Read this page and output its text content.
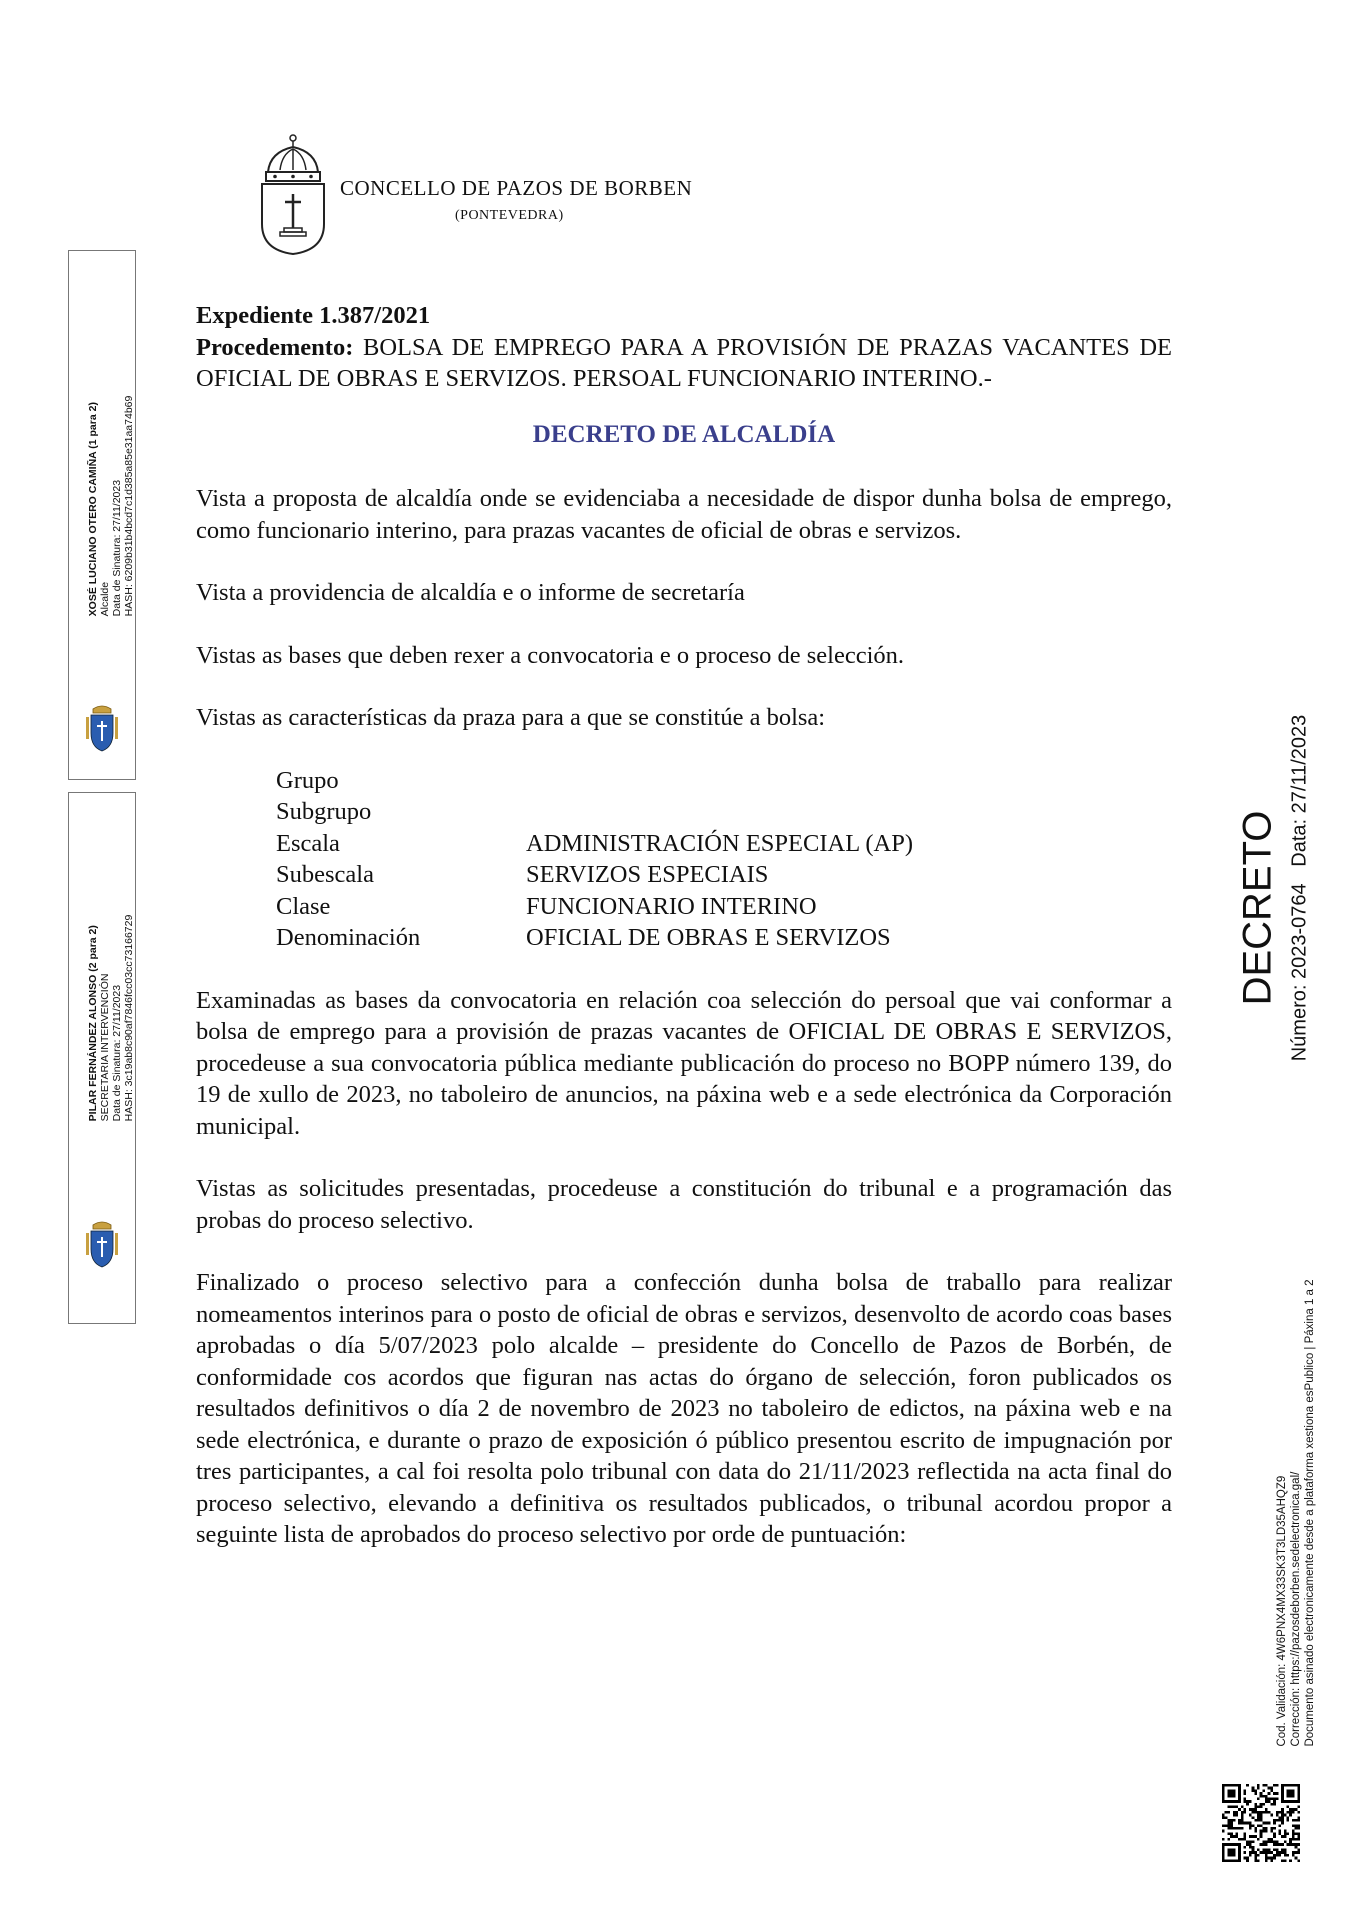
CONCELLO DE PAZOS DE BORBEN
(PONTEVEDRA)

Expediente 1.387/2021

Procedemento: BOLSA DE EMPREGO PARA A PROVISIÓN DE PRAZAS VACANTES DE OFICIAL DE OBRAS E SERVIZOS. PERSOAL FUNCIONARIO INTERINO.-

DECRETO DE ALCALDÍA

Vista a proposta de alcaldía onde se evidenciaba a necesidade de dispor dunha bolsa de emprego, como funcionario interino, para prazas vacantes de oficial de obras e servizos.

Vista a providencia de alcaldía e o informe de secretaría

Vistas as bases que deben rexer a convocatoria e o proceso de selección.

Vistas as características da praza para a que se constitúe a bolsa:

Grupo	
Subgrupo	
Escala	ADMINISTRACIÓN ESPECIAL (AP)
Subescala	SERVIZOS ESPECIAIS
Clase	FUNCIONARIO INTERINO
Denominación	OFICIAL DE OBRAS E SERVIZOS

Examinadas as bases da convocatoria en relación coa selección do persoal que vai conformar a bolsa de emprego para a provisión de prazas vacantes de OFICIAL DE OBRAS E SERVIZOS, procedeuse a sua convocatoria pública mediante publicación do proceso no BOPP número 139, do 19 de xullo de 2023, no taboleiro de anuncios, na páxina web e a sede electrónica da Corporación municipal.

Vistas as solicitudes presentadas, procedeuse a constitución do tribunal e a programación das probas do proceso selectivo.

Finalizado o proceso selectivo para a confección dunha bolsa de traballo para realizar nomeamentos interinos para o posto de oficial de obras e servizos, desenvolto de acordo coas bases aprobadas o día 5/07/2023 polo alcalde – presidente do Concello de Pazos de Borbén, de conformidade cos acordos que figuran nas actas do órgano de selección, foron publicados os resultados definitivos o día 2 de novembro de 2023 no taboleiro de edictos, na páxina web e na sede electrónica, e durante o prazo de exposición ó público presentou escrito de impugnación por tres participantes, a cal foi resolta polo tribunal con data do 21/11/2023 reflectida na acta final do proceso selectivo, elevando a definitiva os resultados publicados, o tribunal acordou propor a seguinte lista de aprobados do proceso selectivo por orde de puntuación:

XOSÉ LUCIANO OTERO CAMIÑA (1 para 2) Alcalde Data de Sinatura: 27/11/2023 HASH: 6209b31b4bcd7c1d385a85e31aa74b69
PILAR FERNÁNDEZ ALONSO (2 para 2) SECRETARIA INTERVENCIÓN Data de Sinatura: 27/11/2023 HASH: 3c19ab8c90af7846fcc03cc73166729
DECRETO Número: 2023-0764   Data: 27/11/2023
Cod. Validación: 4W6PNX4MX33SK3T3LD35AHQZ9 Corrección: https://pazosdeborben.sedelectronica.gal/ Documento asinado electronicamente desde a plataforma xestiona esPublico | Páxina 1 a 2
